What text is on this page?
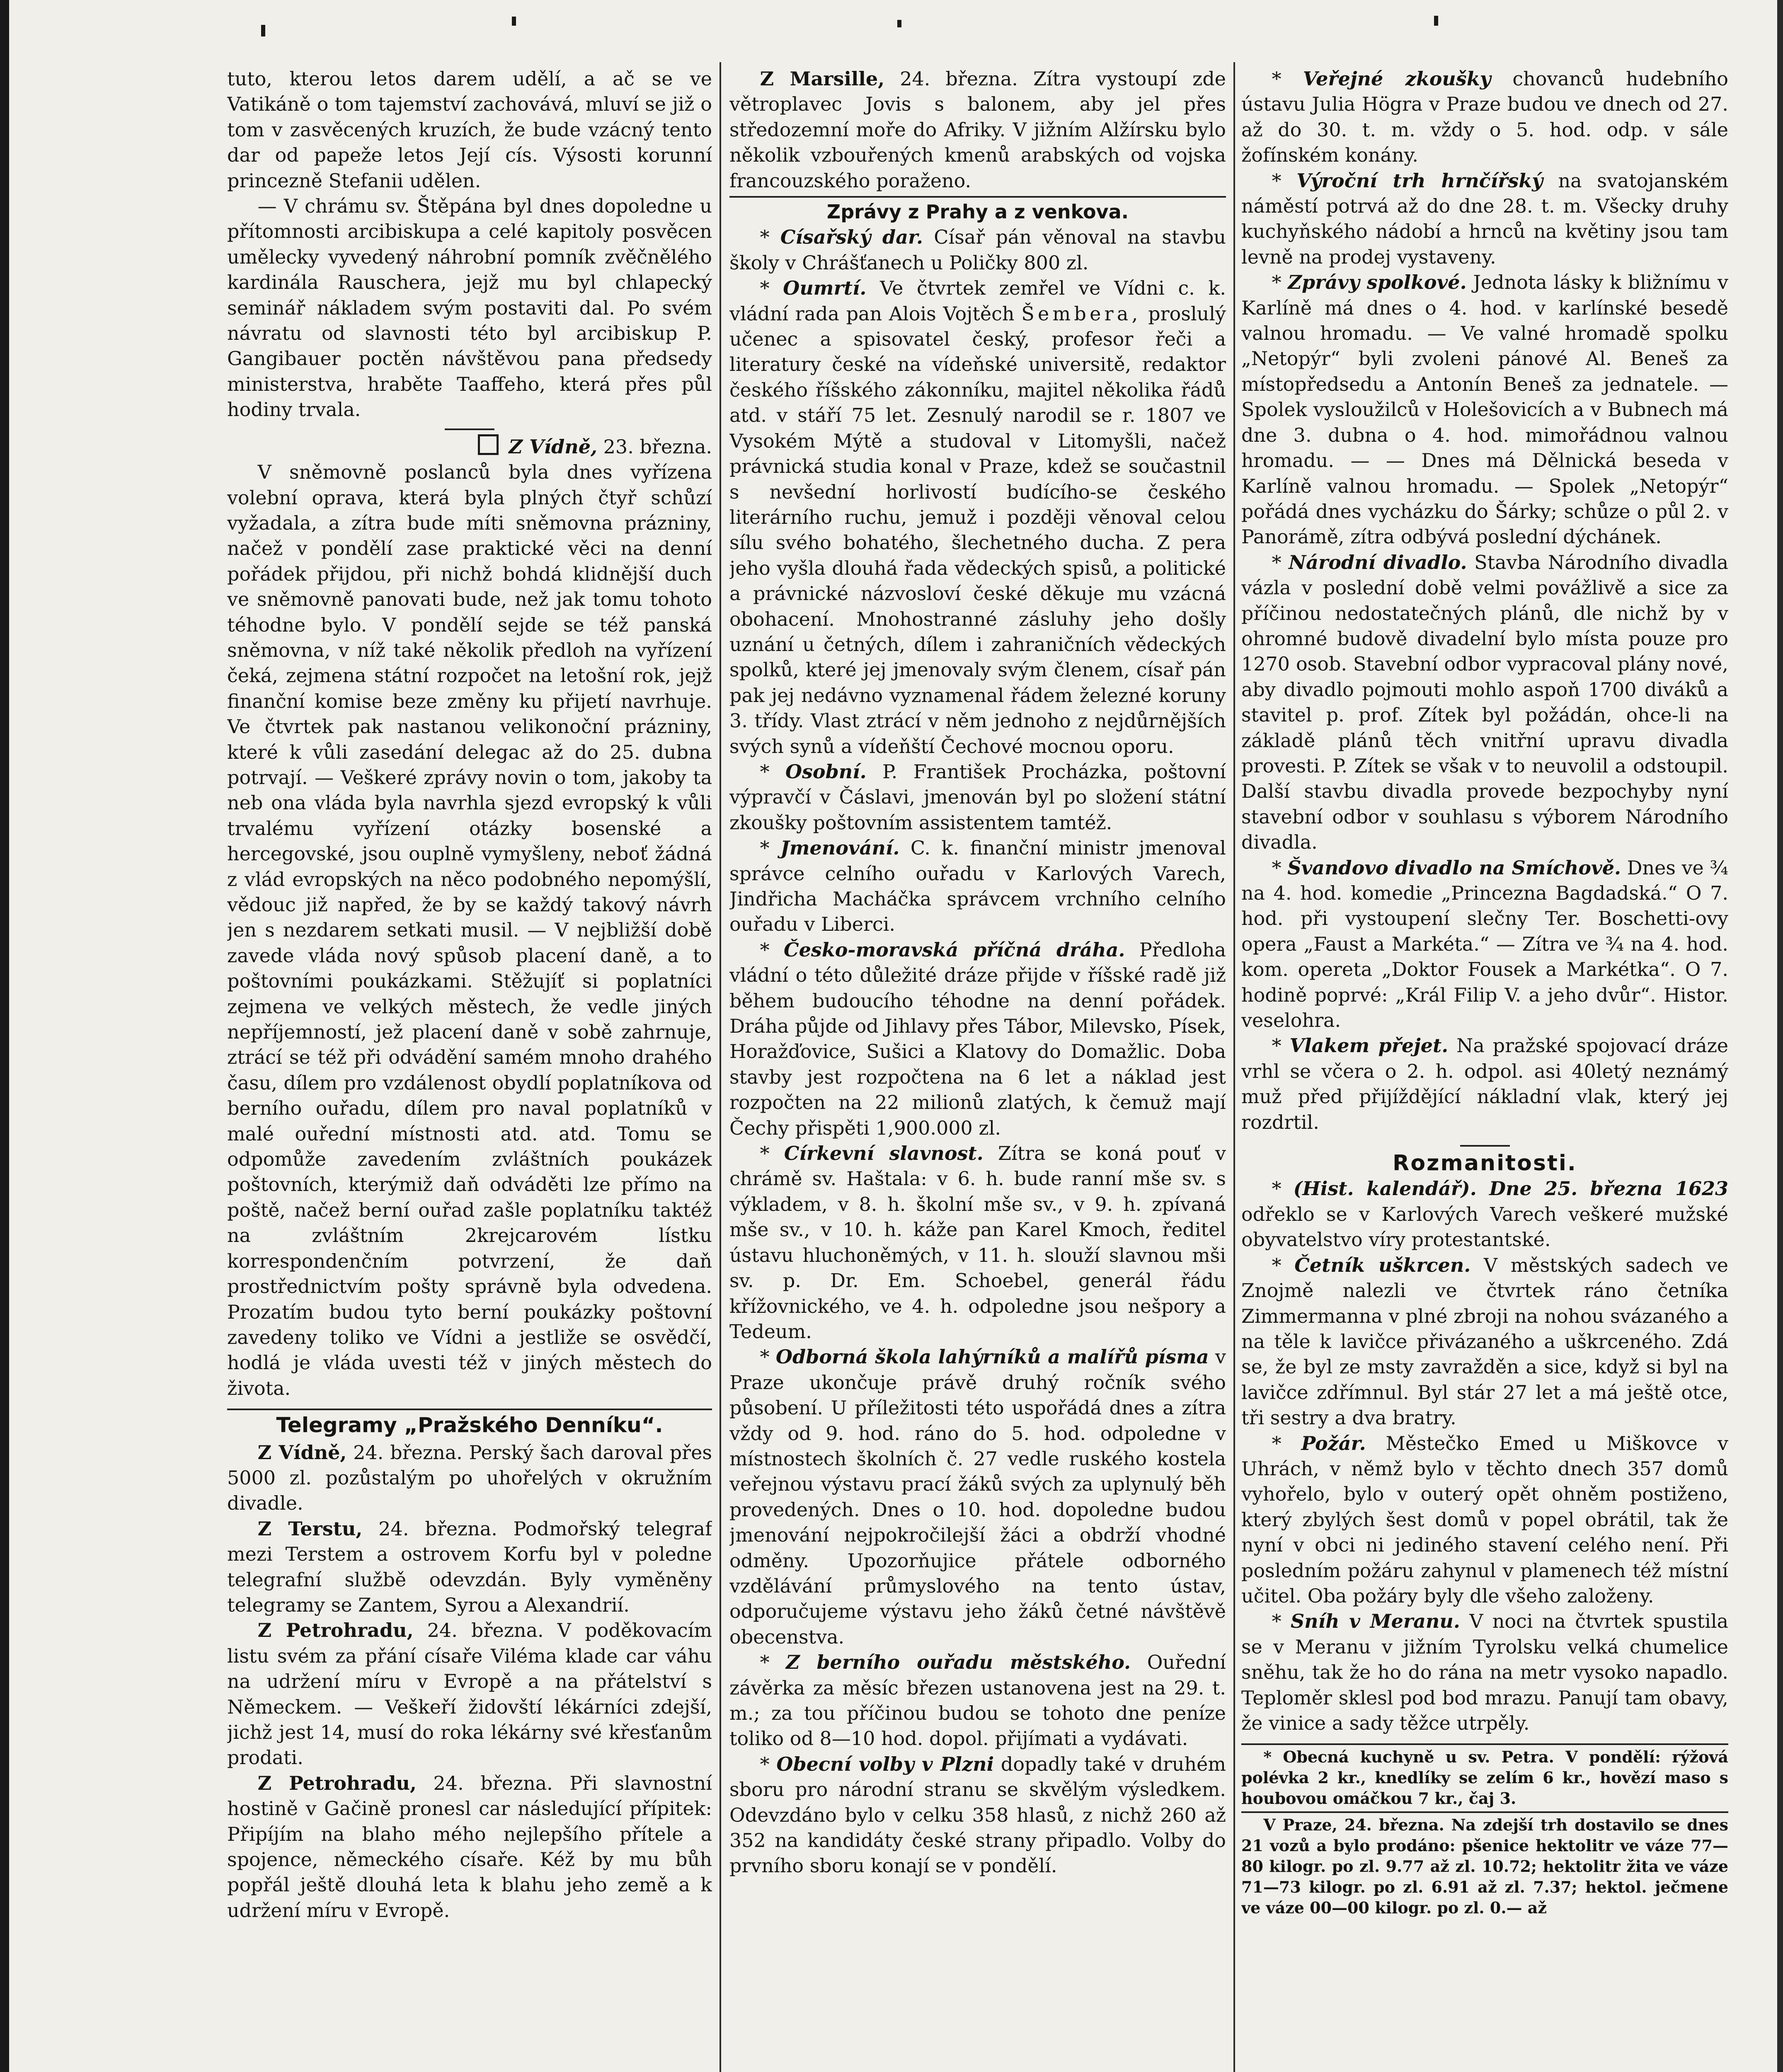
tuto, kterou letos darem udělí, a ač se ve Vatikáně o tom tajemství zachovává, mluví se již o tom v zasvěcených kruzích, že bude vzácný tento dar od papeže letos Její cís. Výsosti korunní princezně Stefanii udělen.

— V chrámu sv. Štěpána byl dnes dopoledne u přítomnosti arcibiskupa a celé kapitoly posvěcen umělecky vyvedený náhrobní pomník zvěčnělého kardinála Rauschera, jejž mu byl chlapecký seminář nákladem svým postaviti dal. Po svém návratu od slavnosti této byl arcibiskup P. Gangibauer poctěn návštěvou pana předsedy ministerstva, hraběte Taaffeho, která přes půl hodiny trvala.

Z Vídně, 23. března.

V sněmovně poslanců byla dnes vyřízena volební oprava, která byla plných čtyř schůzí vyžadala, a zítra bude míti sněmovna prázniny, načež v pondělí zase praktické věci na denní pořádek přijdou, při nichž bohdá klidnější duch ve sněmovně panovati bude, než jak tomu tohoto téhodne bylo. V pondělí sejde se též panská sněmovna, v níž také několik předloh na vyřízení čeká, zejmena státní rozpočet na letošní rok, jejž finanční komise beze změny ku přijetí navrhuje. Ve čtvrtek pak nastanou velikonoční prázniny, které k vůli zasedání delegac až do 25. dubna potrvají. — Veškeré zprávy novin o tom, jakoby ta neb ona vláda byla navrhla sjezd evropský k vůli trvalému vyřízení otázky bosenské a hercegovské, jsou ouplně vymyšleny, neboť žádná z vlád evropských na něco podobného nepomýšlí, vědouc již napřed, že by se každý takový návrh jen s nezdarem setkati musil. — V nejbližší době zavede vláda nový spůsob placení daně, a to poštovními poukázkami. Stěžujíť si poplatníci zejmena ve velkých městech, že vedle jiných nepříjemností, jež placení daně v sobě zahrnuje, ztrácí se též při odvádění samém mnoho drahého času, dílem pro vzdálenost obydlí poplatníkova od berního ouřadu, dílem pro naval poplatníků v malé ouřední místnosti atd. atd. Tomu se odpomůže zavedením zvláštních poukázek poštovních, kterýmiž daň odváděti lze přímo na poště, načež berní ouřad zašle poplatníku taktéž na zvláštním 2krejcarovém lístku korrespondenčním potvrzení, že daň prostřednictvím pošty správně byla odvedena. Prozatím budou tyto berní poukázky poštovní zavedeny toliko ve Vídni a jestliže se osvědčí, hodlá je vláda uvesti též v jiných městech do života.

Telegramy „Pražského Denníku“.

Z Vídně, 24. března. Perský šach daroval přes 5000 zl. pozůstalým po uhořelých v okružním divadle.

Z Terstu, 24. března. Podmořský telegraf mezi Terstem a ostrovem Korfu byl v poledne telegrafní službě odevzdán. Byly vyměněny telegramy se Zantem, Syrou a Alexandrií.

Z Petrohradu, 24. března. V poděkovacím listu svém za přání císaře Viléma klade car váhu na udržení míru v Evropě a na přátelství s Německem. — Veškeří židovští lékárníci zdejší, jichž jest 14, musí do roka lékárny své křesťanům prodati.

Z Petrohradu, 24. března. Při slavnostní hostině v Gačině pronesl car následující přípitek: Připíjím na blaho mého nejlepšího přítele a spojence, německého císaře. Kéž by mu bůh popřál ještě dlouhá leta k blahu jeho země a k udržení míru v Evropě.

Z Marsille, 24. března. Zítra vystoupí zde větroplavec Jovis s balonem, aby jel přes středozemní moře do Afriky. V jižním Alžírsku bylo několik vzbouřených kmenů arabských od vojska francouzského poraženo.

Zprávy z Prahy a z venkova.

* Císařský dar. Císař pán věnoval na stavbu školy v Chrášťanech u Poličky 800 zl.

* Oumrtí. Ve čtvrtek zemřel ve Vídni c. k. vládní rada pan Alois Vojtěch Šembera, proslulý učenec a spisovatel český, profesor řeči a literatury české na vídeňské universitě, redaktor českého říšského zákonníku, majitel několika řádů atd. v stáří 75 let. Zesnulý narodil se r. 1807 ve Vysokém Mýtě a studoval v Litomyšli, načež právnická studia konal v Praze, kdež se součastnil s nevšední horlivostí budícího-se českého literárního ruchu, jemuž i později věnoval celou sílu svého bohatého, šlechetného ducha. Z pera jeho vyšla dlouhá řada vědeckých spisů, a politické a právnické názvosloví české děkuje mu vzácná obohacení. Mnohostranné zásluhy jeho došly uznání u četných, dílem i zahraničních vědeckých spolků, které jej jmenovaly svým členem, císař pán pak jej nedávno vyznamenal řádem železné koruny 3. třídy. Vlast ztrácí v něm jednoho z nejdůrnějších svých synů a vídeňští Čechové mocnou oporu.

* Osobní. P. František Procházka, poštovní výpravčí v Čáslavi, jmenován byl po složení státní zkoušky poštovním assistentem tamtéž.

* Jmenování. C. k. finanční ministr jmenoval správce celního ouřadu v Karlových Varech, Jindřicha Macháčka správcem vrchního celního ouřadu v Liberci.

* Česko-moravská příčná dráha. Předloha vládní o této důležité dráze přijde v říšské radě již během budoucího téhodne na denní pořádek. Dráha půjde od Jihlavy přes Tábor, Milevsko, Písek, Horažďovice, Sušici a Klatovy do Domažlic. Doba stavby jest rozpočtena na 6 let a náklad jest rozpočten na 22 milionů zlatých, k čemuž mají Čechy přispěti 1,900.000 zl.

* Církevní slavnost. Zítra se koná pouť v chrámě sv. Haštala: v 6. h. bude ranní mše sv. s výkladem, v 8. h. školní mše sv., v 9. h. zpívaná mše sv., v 10. h. káže pan Karel Kmoch, ředitel ústavu hluchoněmých, v 11. h. slouží slavnou mši sv. p. Dr. Em. Schoebel, generál řádu křížovnického, ve 4. h. odpoledne jsou nešpory a Tedeum.

* Odborná škola lahýrníků a malířů písma v Praze ukončuje právě druhý ročník svého působení. U příležitosti této uspořádá dnes a zítra vždy od 9. hod. ráno do 5. hod. odpoledne v místnostech školních č. 27 vedle ruského kostela veřejnou výstavu prací žáků svých za uplynulý běh provedených. Dnes o 10. hod. dopoledne budou jmenování nejpokročilejší žáci a obdrží vhodné odměny. Upozorňujice přátele odborného vzdělávání průmyslového na tento ústav, odporučujeme výstavu jeho žáků četné návštěvě obecenstva.

* Z berního ouřadu městského. Ouřední závěrka za měsíc březen ustanovena jest na 29. t. m.; za tou příčinou budou se tohoto dne peníze toliko od 8—10 hod. dopol. přijímati a vydávati.

* Obecní volby v Plzni dopadly také v druhém sboru pro národní stranu se skvělým výsledkem. Odevzdáno bylo v celku 358 hlasů, z nichž 260 až 352 na kandidáty české strany připadlo. Volby do prvního sboru konají se v pondělí.

* Veřejné zkoušky chovanců hudebního ústavu Julia Högra v Praze budou ve dnech od 27. až do 30. t. m. vždy o 5. hod. odp. v sále žofínském konány.

* Výroční trh hrnčířský na svatojanském náměstí potrvá až do dne 28. t. m. Všecky druhy kuchyňského nádobí a hrnců na květiny jsou tam levně na prodej vystaveny.

* Zprávy spolkové. Jednota lásky k bližnímu v Karlíně má dnes o 4. hod. v karlínské besedě valnou hromadu. — Ve valné hromadě spolku „Netopýr“ byli zvoleni pánové Al. Beneš za místopředsedu a Antonín Beneš za jednatele. — Spolek vysloužilců v Holešovicích a v Bubnech má dne 3. dubna o 4. hod. mimořádnou valnou hromadu. — — Dnes má Dělnická beseda v Karlíně valnou hromadu. — Spolek „Netopýr“ pořádá dnes vycházku do Šárky; schůze o půl 2. v Panorámě, zítra odbývá poslední dýchánek.

* Národní divadlo. Stavba Národního divadla vázla v poslední době velmi povážlivě a sice za příčinou nedostatečných plánů, dle nichž by v ohromné budově divadelní bylo místa pouze pro 1270 osob. Stavební odbor vypracoval plány nové, aby divadlo pojmouti mohlo aspoň 1700 diváků a stavitel p. prof. Zítek byl požádán, ohce-li na základě plánů těch vnitřní upravu divadla provesti. P. Zítek se však v to neuvolil a odstoupil. Další stavbu divadla provede bezpochyby nyní stavební odbor v souhlasu s výborem Národního divadla.

* Švandovo divadlo na Smíchově. Dnes ve ¾ na 4. hod. komedie „Princezna Bagdadská.“ O 7. hod. při vystoupení slečny Ter. Boschetti-ovy opera „Faust a Markéta.“ — Zítra ve ¾ na 4. hod. kom. opereta „Doktor Fousek a Markétka“. O 7. hodině poprvé: „Král Filip V. a jeho dvůr“. Histor. veselohra.

* Vlakem přejet. Na pražské spojovací dráze vrhl se včera o 2. h. odpol. asi 40letý neznámý muž před přijíždějící nákladní vlak, který jej rozdrtil.

Rozmanitosti.

* (Hist. kalendář). Dne 25. března 1623 odřeklo se v Karlových Varech veškeré mužské obyvatelstvo víry protestantské.

* Četník uškrcen. V městských sadech ve Znojmě nalezli ve čtvrtek ráno četníka Zimmermanna v plné zbroji na nohou svázaného a na těle k lavičce přivázaného a uškrceného. Zdá se, že byl ze msty zavražděn a sice, když si byl na lavičce zdřímnul. Byl stár 27 let a má ještě otce, tři sestry a dva bratry.

* Požár. Městečko Emed u Miškovce v Uhrách, v němž bylo v těchto dnech 357 domů vyhořelo, bylo v outerý opět ohněm postiženo, který zbylých šest domů v popel obrátil, tak že nyní v obci ni jediného stavení celého není. Při posledním požáru zahynul v plamenech též místní učitel. Oba požáry byly dle všeho založeny.

* Sníh v Meranu. V noci na čtvrtek spustila se v Meranu v jižním Tyrolsku velká chumelice sněhu, tak že ho do rána na metr vysoko napadlo. Teploměr sklesl pod bod mrazu. Panují tam obavy, že vinice a sady těžce utrpěly.

* Obecná kuchyně u sv. Petra. V pondělí: rýžová polévka 2 kr., knedlíky se zelím 6 kr., hovězí maso s houbovou omáčkou 7 kr., čaj 3.

V Praze, 24. března. Na zdejší trh dostavilo se dnes 21 vozů a bylo prodáno: pšenice hektolitr ve váze 77—80 kilogr. po zl. 9.77 až zl. 10.72; hektolitr žita ve váze 71—73 kilogr. po zl. 6.91 až zl. 7.37; hektol. ječmene ve váze 00—00 kilogr. po zl. 0.— až
